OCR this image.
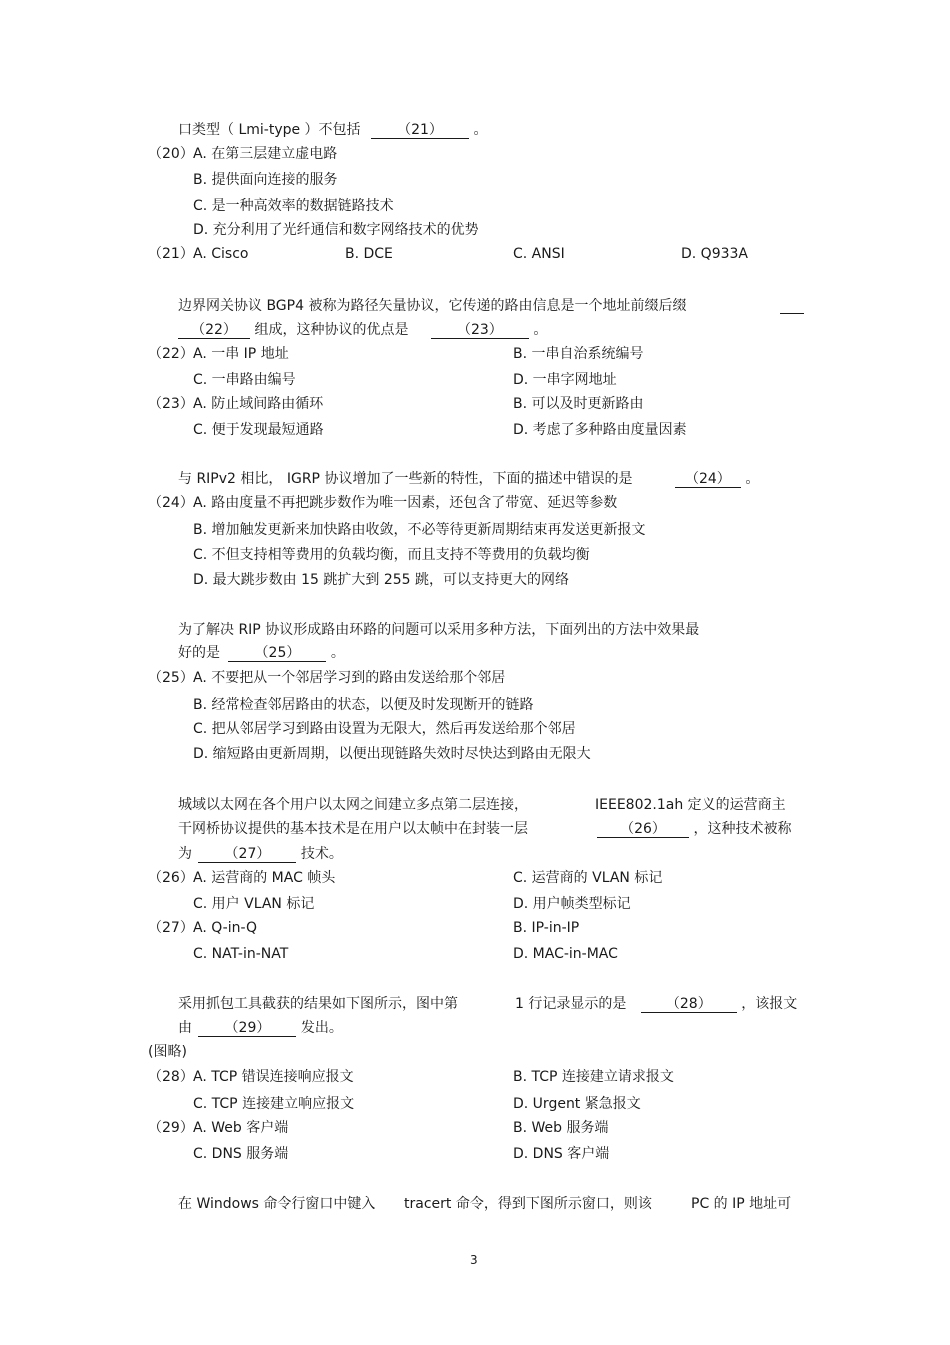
口类型（ Lmi-type ）不包括	（21） 。
（20） A. 在第三层建立虚电路
B. 提供面向连接的服务
C. 是一种高效率的数据链路技术
D. 充分利用了光纤通信和数字网络技术的优势
（21） A. Cisco	B. DCE	C. ANSI	D. Q933A
边界网关协议 BGP4 被称为路径矢量协议，它传递的路由信息是一个地址前缀后缀
（22） 组成，这种协议的优点是	（23） 。
（22） A. 一串 IP 地址	B. 一串自治系统编号
C. 一串路由编号	D. 一串字网地址
（23） A. 防止域间路由循环	B. 可以及时更新路由
C. 便于发现最短通路	D. 考虑了多种路由度量因素
与 RIPv2 相比， IGRP 协议增加了一些新的特性，下面的描述中错误的是	（24） 。
（24） A. 路由度量不再把跳步数作为唯一因素，还包含了带宽、延迟等参数
B. 增加触发更新来加快路由收敛，不必等待更新周期结束再发送更新报文
C. 不但支持相等费用的负载均衡，而且支持不等费用的负载均衡
D. 最大跳步数由 15 跳扩大到 255 跳，可以支持更大的网络
为了解决 RIP 协议形成路由环路的问题可以采用多种方法，下面列出的方法中效果最
好的是 （25） 。
（25） A. 不要把从一个邻居学习到的路由发送给那个邻居
B. 经常检查邻居路由的状态，以便及时发现断开的链路
C. 把从邻居学习到路由设置为无限大，然后再发送给那个邻居
D. 缩短路由更新周期，以便出现链路失效时尽快达到路由无限大
城域以太网在各个用户以太网之间建立多点第二层连接，	IEEE802.1ah 定义的运营商主
干网桥协议提供的基本技术是在用户以太帧中在封装一层	（26） ，这种技术被称
为 （27） 技术。
（26） A. 运营商的 MAC 帧头	C. 运营商的 VLAN 标记
C. 用户 VLAN 标记	D. 用户帧类型标记
（27） A. Q-in-Q	B. IP-in-IP
C. NAT-in-NAT	D. MAC-in-MAC
采用抓包工具截获的结果如下图所示，图中第	1 行记录显示的是	（28） ，该报文
由 （29） 发出。
(图略)
（28） A. TCP 错误连接响应报文	B. TCP 连接建立请求报文
C. TCP 连接建立响应报文	D. Urgent 紧急报文
（29） A. Web 客户端	B. Web 服务端
C. DNS 服务端	D. DNS 客户端
在 Windows 命令行窗口中键入 tracert 命令，得到下图所示窗口，则该	PC 的 IP 地址可
3
